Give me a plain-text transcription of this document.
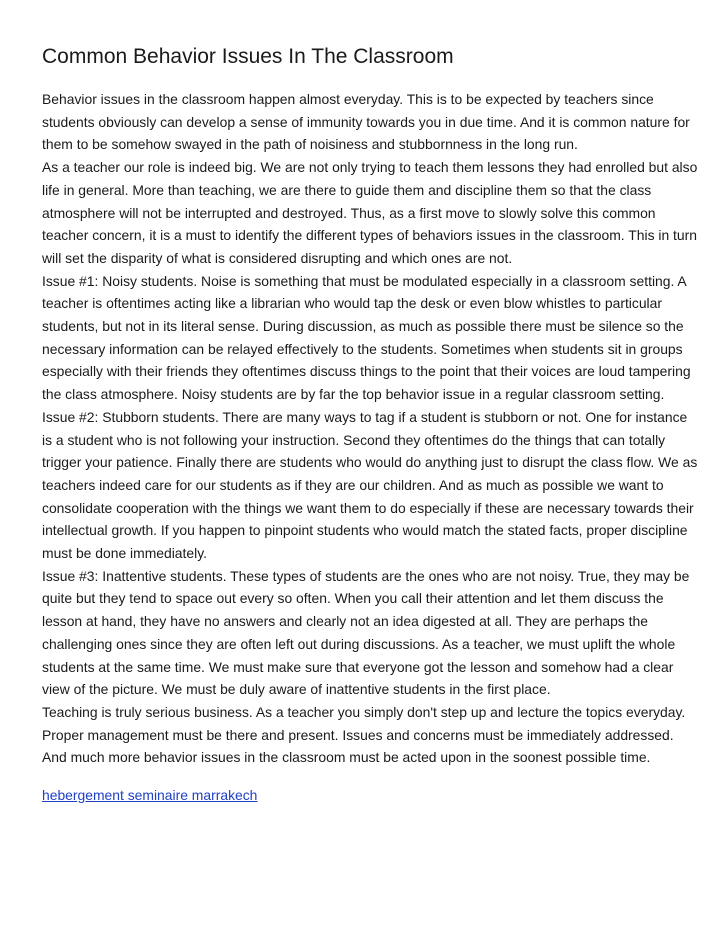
Common Behavior Issues In The Classroom

Behavior issues in the classroom happen almost everyday. This is to be expected by teachers since students obviously can develop a sense of immunity towards you in due time. And it is common nature for them to be somehow swayed in the path of noisiness and stubbornness in the long run.

As a teacher our role is indeed big. We are not only trying to teach them lessons they had enrolled but also life in general. More than teaching, we are there to guide them and discipline them so that the class atmosphere will not be interrupted and destroyed. Thus, as a first move to slowly solve this common teacher concern, it is a must to identify the different types of behaviors issues in the classroom. This in turn will set the disparity of what is considered disrupting and which ones are not.

Issue #1: Noisy students. Noise is something that must be modulated especially in a classroom setting. A teacher is oftentimes acting like a librarian who would tap the desk or even blow whistles to particular students, but not in its literal sense. During discussion, as much as possible there must be silence so the necessary information can be relayed effectively to the students. Sometimes when students sit in groups especially with their friends they oftentimes discuss things to the point that their voices are loud tampering the class atmosphere. Noisy students are by far the top behavior issue in a regular classroom setting.

Issue #2: Stubborn students. There are many ways to tag if a student is stubborn or not. One for instance is a student who is not following your instruction. Second they oftentimes do the things that can totally trigger your patience. Finally there are students who would do anything just to disrupt the class flow. We as teachers indeed care for our students as if they are our children. And as much as possible we want to consolidate cooperation with the things we want them to do especially if these are necessary towards their intellectual growth. If you happen to pinpoint students who would match the stated facts, proper discipline must be done immediately.

Issue #3: Inattentive students. These types of students are the ones who are not noisy. True, they may be quite but they tend to space out every so often. When you call their attention and let them discuss the lesson at hand, they have no answers and clearly not an idea digested at all. They are perhaps the challenging ones since they are often left out during discussions. As a teacher, we must uplift the whole students at the same time. We must make sure that everyone got the lesson and somehow had a clear view of the picture. We must be duly aware of inattentive students in the first place.

Teaching is truly serious business. As a teacher you simply don't step up and lecture the topics everyday. Proper management must be there and present. Issues and concerns must be immediately addressed. And much more behavior issues in the classroom must be acted upon in the soonest possible time.

hebergement seminaire marrakech
